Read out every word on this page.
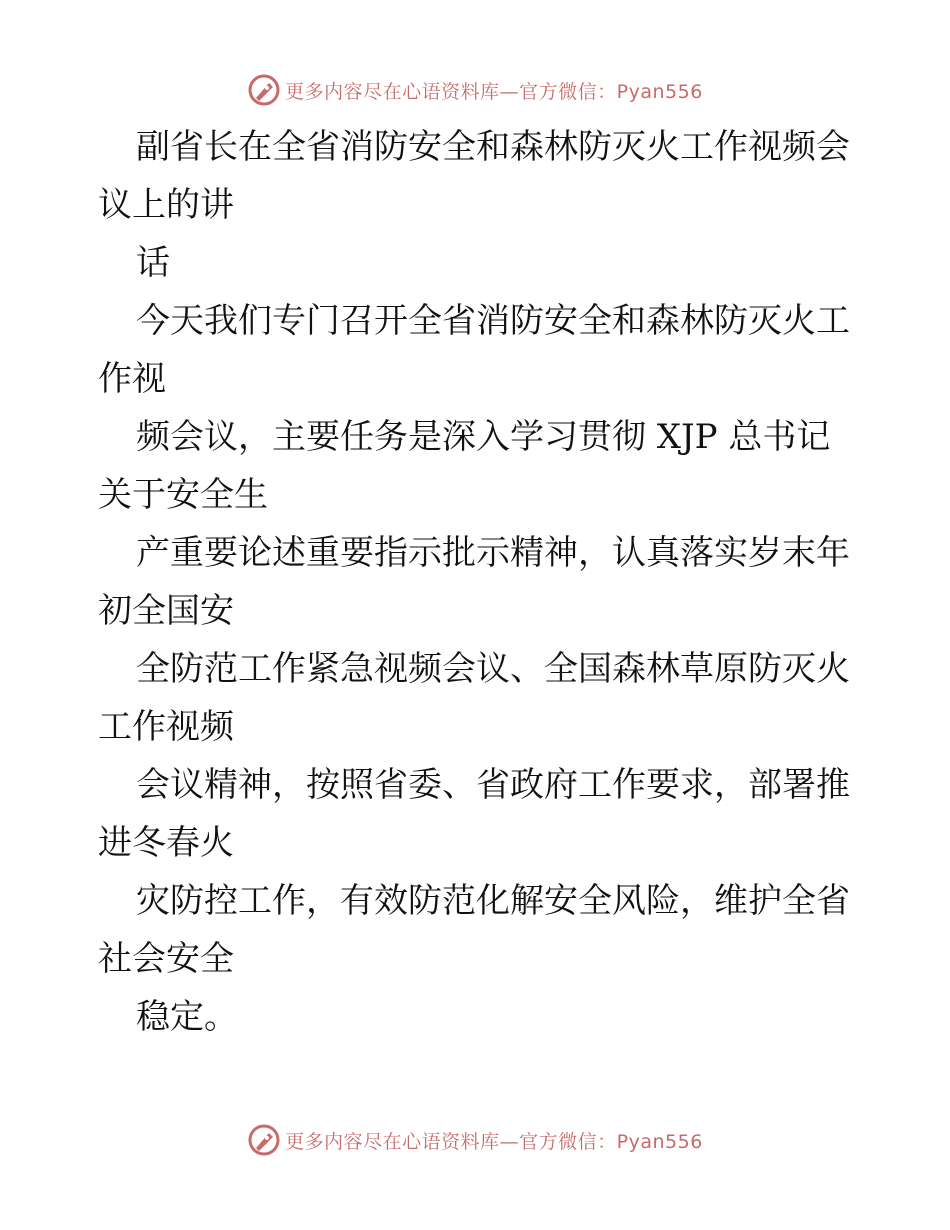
更多内容尽在心语资料库—官方微信：Pyan556
副省长在全省消防安全和森林防灭火工作视频会
议上的讲
话
今天我们专门召开全省消防安全和森林防灭火工
作视
频会议，主要任务是深入学习贯彻 XJP 总书记
关于安全生
产重要论述重要指示批示精神，认真落实岁末年
初全国安
全防范工作紧急视频会议、全国森林草原防灭火
工作视频
会议精神，按照省委、省政府工作要求，部署推
进冬春火
灾防控工作，有效防范化解安全风险，维护全省
社会安全
稳定。
更多内容尽在心语资料库—官方微信：Pyan556
